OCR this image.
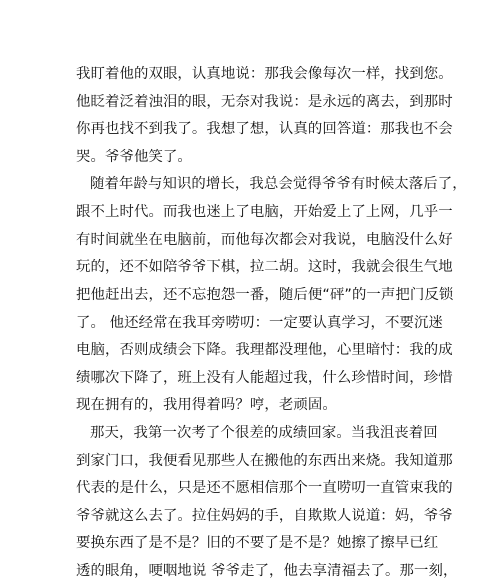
我盯着他的双眼，认真地说：那我会像每次一样，找到您。
他眨着泛着浊泪的眼，无奈对我说：是永远的离去，到那时
你再也找不到我了。我想了想，认真的回答道：那我也不会
哭。爷爷他笑了。
随着年龄与知识的增长，我总会觉得爷爷有时候太落后了，
跟不上时代。而我也迷上了电脑，开始爱上了上网，几乎一
有时间就坐在电脑前，而他每次都会对我说，电脑没什么好
玩的，还不如陪爷爷下棋，拉二胡。这时，我就会很生气地
把他赶出去，还不忘抱怨一番，随后便“砰”的一声把门反锁
了。 他还经常在我耳旁唠叨：一定要认真学习，不要沉迷
电脑，否则成绩会下降。我理都没理他，心里暗忖：我的成
绩哪次下降了，班上没有人能超过我，什么珍惜时间，珍惜
现在拥有的，我用得着吗？哼，老顽固。
那天，我第一次考了个很差的成绩回家。当我沮丧着回
到家门口，我便看见那些人在搬他的东西出来烧。我知道那
代表的是什么，只是还不愿相信那个一直唠叨一直管束我的
爷爷就这么去了。拉住妈妈的手，自欺欺人说道：妈，爷爷
要换东西了是不是？旧的不要了是不是？她擦了擦早已红
透的眼角，哽咽地说 爷爷走了，他去享清福去了。那一刻，
